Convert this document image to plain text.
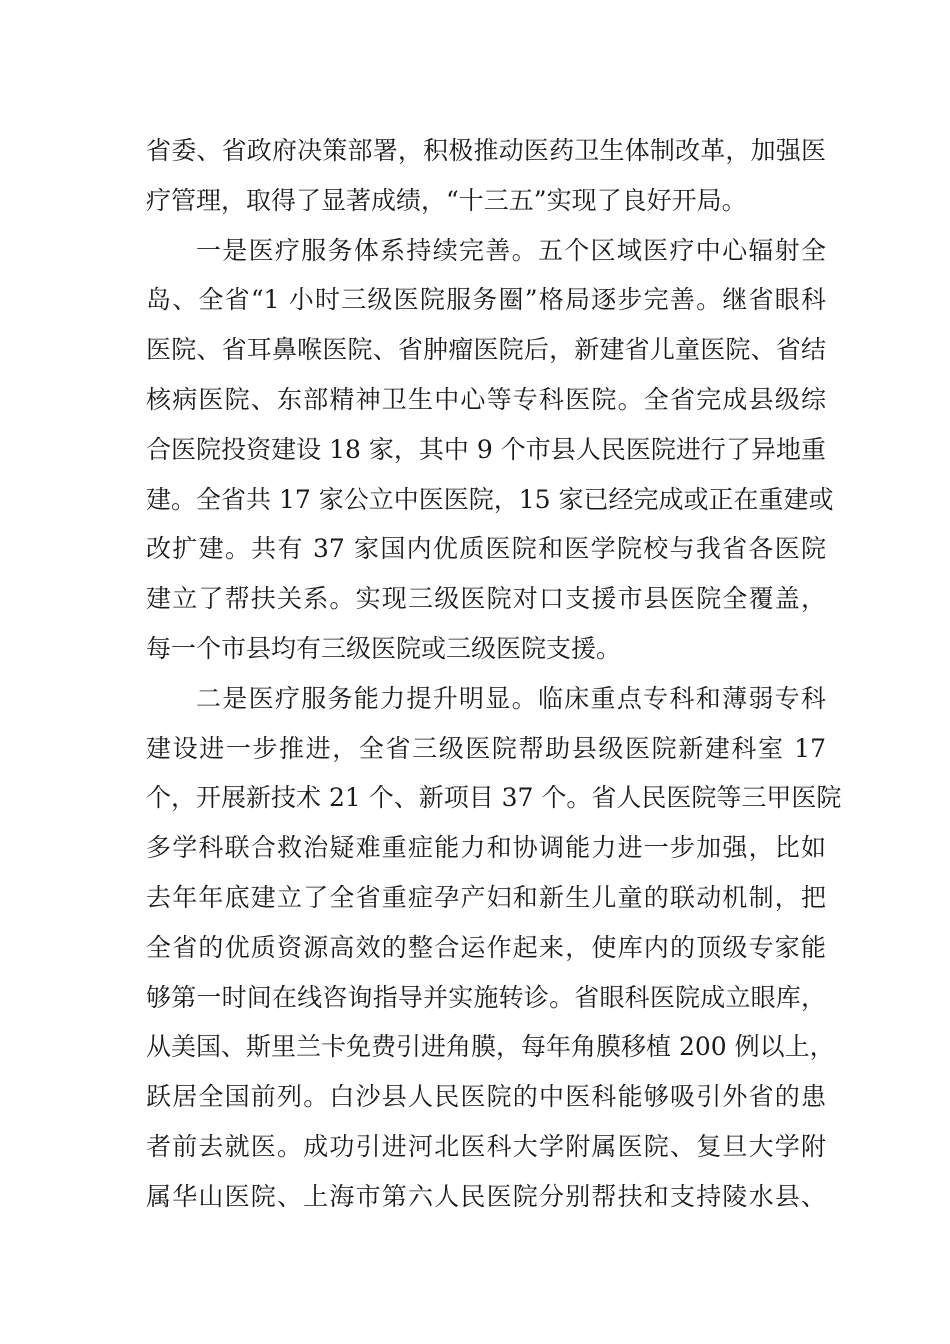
省委、省政府决策部署，积极推动医药卫生体制改革，加强医
疗管理，取得了显著成绩，“十三五”实现了良好开局。
一是医疗服务体系持续完善。五个区域医疗中心辐射全
岛、全省“1 小时三级医院服务圈”格局逐步完善。继省眼科
医院、省耳鼻喉医院、省肿瘤医院后，新建省儿童医院、省结
核病医院、东部精神卫生中心等专科医院。全省完成县级综
合医院投资建设 18 家，其中 9 个市县人民医院进行了异地重
建。全省共 17 家公立中医医院，15 家已经完成或正在重建或
改扩建。共有 37 家国内优质医院和医学院校与我省各医院
建立了帮扶关系。实现三级医院对口支援市县医院全覆盖，
每一个市县均有三级医院或三级医院支援。
二是医疗服务能力提升明显。临床重点专科和薄弱专科
建设进一步推进，全省三级医院帮助县级医院新建科室 17
个，开展新技术 21 个、新项目 37 个。省人民医院等三甲医院
多学科联合救治疑难重症能力和协调能力进一步加强，比如
去年年底建立了全省重症孕产妇和新生儿童的联动机制，把
全省的优质资源高效的整合运作起来，使库内的顶级专家能
够第一时间在线咨询指导并实施转诊。省眼科医院成立眼库，
从美国、斯里兰卡免费引进角膜，每年角膜移植 200 例以上，
跃居全国前列。白沙县人民医院的中医科能够吸引外省的患
者前去就医。成功引进河北医科大学附属医院、复旦大学附
属华山医院、上海市第六人民医院分别帮扶和支持陵水县、
